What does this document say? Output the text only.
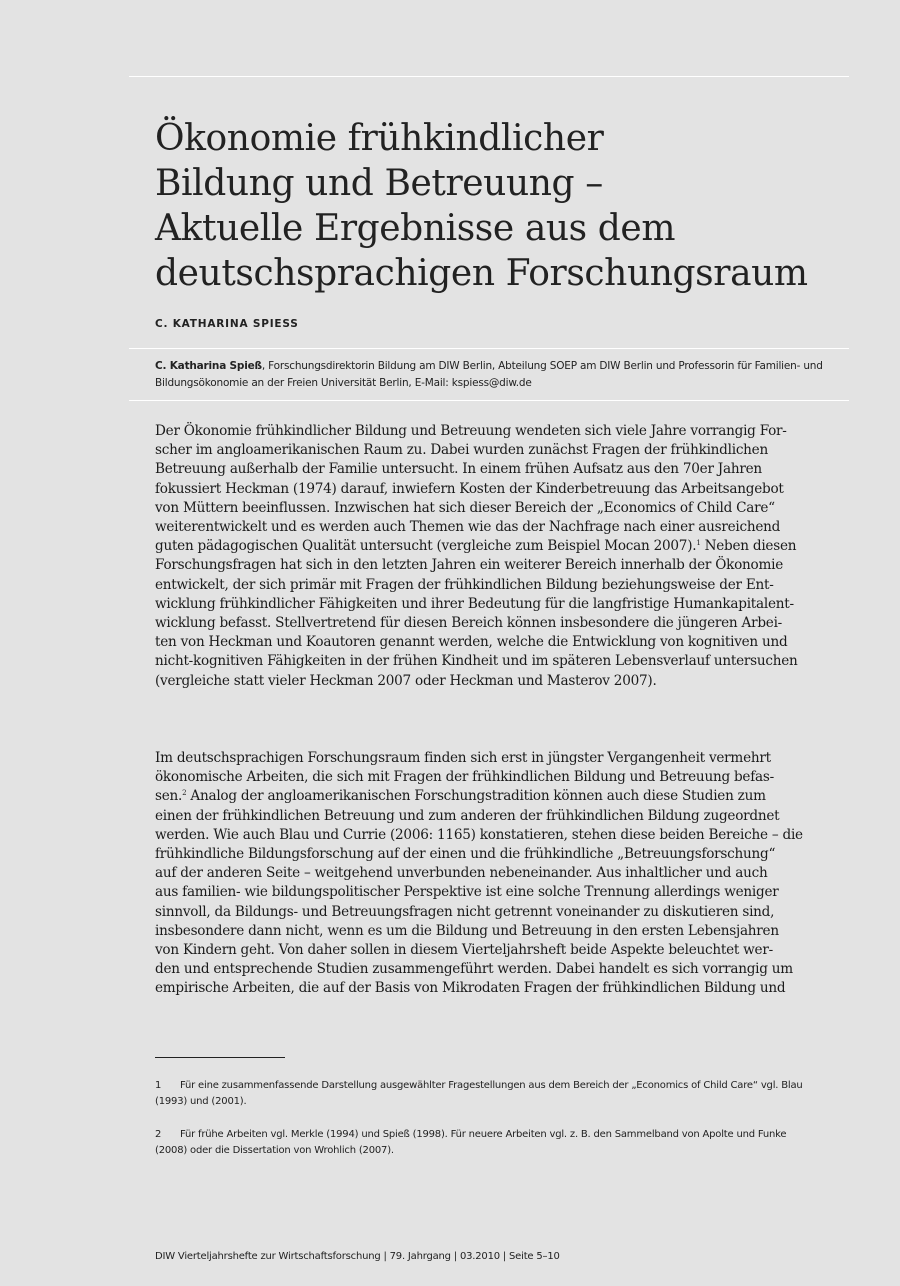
Ökonomie frühkindlicher
Bildung und Betreuung –
Aktuelle Ergebnisse aus dem
deutschsprachigen Forschungsraum

C. KATHARINA SPIESS

C. Katharina Spieß, Forschungsdirektorin Bildung am DIW Berlin, Abteilung SOEP am DIW Berlin und Professorin für Familien- und
Bildungsökonomie an der Freien Universität Berlin, E-Mail: kspiess@diw.de

Der Ökonomie frühkindlicher Bildung und Betreuung wendeten sich viele Jahre vorrangig For-
scher im angloamerikanischen Raum zu. Dabei wurden zunächst Fragen der frühkindlichen
Betreuung außerhalb der Familie untersucht. In einem frühen Aufsatz aus den 70er Jahren
fokussiert Heckman (1974) darauf, inwiefern Kosten der Kinderbetreuung das Arbeitsangebot
von Müttern beeinflussen. Inzwischen hat sich dieser Bereich der „Economics of Child Care“
weiterentwickelt und es werden auch Themen wie das der Nachfrage nach einer ausreichend
guten pädagogischen Qualität untersucht (vergleiche zum Beispiel Mocan 2007).$^1$ Neben diesen
Forschungsfragen hat sich in den letzten Jahren ein weiterer Bereich innerhalb der Ökonomie
entwickelt, der sich primär mit Fragen der frühkindlichen Bildung beziehungsweise der Ent-
wicklung frühkindlicher Fähigkeiten und ihrer Bedeutung für die langfristige Humankapitalent-
wicklung befasst. Stellvertretend für diesen Bereich können insbesondere die jüngeren Arbei-
ten von Heckman und Koautoren genannt werden, welche die Entwicklung von kognitiven und
nicht-kognitiven Fähigkeiten in der frühen Kindheit und im späteren Lebensverlauf untersuchen
(vergleiche statt vieler Heckman 2007 oder Heckman und Masterov 2007).

Im deutschsprachigen Forschungsraum finden sich erst in jüngster Vergangenheit vermehrt
ökonomische Arbeiten, die sich mit Fragen der frühkindlichen Bildung und Betreuung befas-
sen.$^2$ Analog der angloamerikanischen Forschungstradition können auch diese Studien zum
einen der frühkindlichen Betreuung und zum anderen der frühkindlichen Bildung zugeordnet
werden. Wie auch Blau und Currie (2006: 1165) konstatieren, stehen diese beiden Bereiche – die
frühkindliche Bildungsforschung auf der einen und die frühkindliche „Betreuungsforschung“
auf der anderen Seite – weitgehend unverbunden nebeneinander. Aus inhaltlicher und auch
aus familien- wie bildungspolitischer Perspektive ist eine solche Trennung allerdings weniger
sinnvoll, da Bildungs- und Betreuungsfragen nicht getrennt voneinander zu diskutieren sind,
insbesondere dann nicht, wenn es um die Bildung und Betreuung in den ersten Lebensjahren
von Kindern geht. Von daher sollen in diesem Vierteljahrsheft beide Aspekte beleuchtet wer-
den und entsprechende Studien zusammengeführt werden. Dabei handelt es sich vorrangig um
empirische Arbeiten, die auf der Basis von Mikrodaten Fragen der frühkindlichen Bildung und

1 Für eine zusammenfassende Darstellung ausgewählter Fragestellungen aus dem Bereich der „Economics of Child Care“ vgl. Blau
(1993) und (2001).

2 Für frühe Arbeiten vgl. Merkle (1994) und Spieß (1998). Für neuere Arbeiten vgl. z. B. den Sammelband von Apolte und Funke
(2008) oder die Dissertation von Wrohlich (2007).

DIW Vierteljahrshefte zur Wirtschaftsforschung | 79. Jahrgang | 03.2010 | Seite 5–10
